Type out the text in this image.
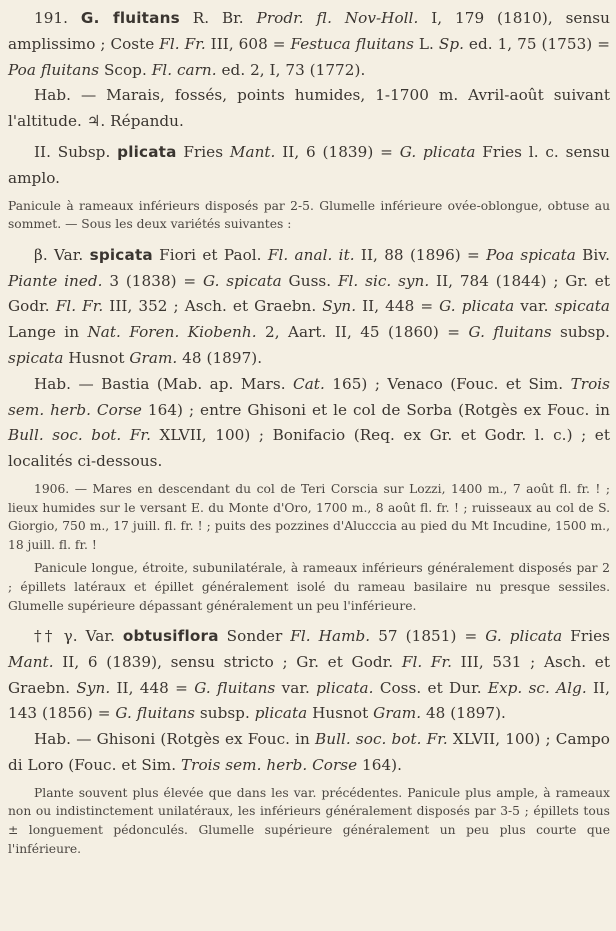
191. G. fluitans R. Br. Prodr. fl. Nov-Holl. I, 179 (1810), sensu amplissimo ; Coste Fl. Fr. III, 608 = Festuca fluitans L. Sp. ed. 1, 75 (1753) = Poa fluitans Scop. Fl. carn. ed. 2, I, 73 (1772).

Hab. — Marais, fossés, points humides, 1-1700 m. Avril-août suivant l'altitude. ♃. Répandu.

II. Subsp. plicata Fries Mant. II, 6 (1839) = G. plicata Fries l. c. sensu amplo.

Panicule à rameaux inférieurs disposés par 2-5. Glumelle inférieure ovée-oblongue, obtuse au sommet. — Sous les deux variétés suivantes :

β. Var. spicata Fiori et Paol. Fl. anal. it. II, 88 (1896) = Poa spicata Biv. Piante ined. 3 (1838) = G. spicata Guss. Fl. sic. syn. II, 784 (1844) ; Gr. et Godr. Fl. Fr. III, 352 ; Asch. et Graebn. Syn. II, 448 = G. plicata var. spicata Lange in Nat. Foren. Kiobenh. 2, Aart. II, 45 (1860) = G. fluitans subsp. spicata Husnot Gram. 48 (1897).

Hab. — Bastia (Mab. ap. Mars. Cat. 165) ; Venaco (Fouc. et Sim. Trois sem. herb. Corse 164) ; entre Ghisoni et le col de Sorba (Rotgès ex Fouc. in Bull. soc. bot. Fr. XLVII, 100) ; Bonifacio (Req. ex Gr. et Godr. l. c.) ; et localités ci-dessous.

1906. — Mares en descendant du col de Teri Corscia sur Lozzi, 1400 m., 7 août fl. fr. ! ; lieux humides sur le versant E. du Monte d'Oro, 1700 m., 8 août fl. fr. ! ; ruisseaux au col de S. Giorgio, 750 m., 17 juill. fl. fr. ! ; puits des pozzines d'Alucccia au pied du Mt Incudine, 1500 m., 18 juill. fl. fr. !

Panicule longue, étroite, subunilatérale, à rameaux inférieurs généralement disposés par 2 ; épillets latéraux et épillet généralement isolé du rameau basilaire nu presque sessiles. Glumelle supérieure dépassant généralement un peu l'inférieure.

†† γ. Var. obtusiflora Sonder Fl. Hamb. 57 (1851) = G. plicata Fries Mant. II, 6 (1839), sensu stricto ; Gr. et Godr. Fl. Fr. III, 531 ; Asch. et Graebn. Syn. II, 448 = G. fluitans var. plicata. Coss. et Dur. Exp. sc. Alg. II, 143 (1856) = G. fluitans subsp. plicata Husnot Gram. 48 (1897).

Hab. — Ghisoni (Rotgès ex Fouc. in Bull. soc. bot. Fr. XLVII, 100) ; Campo di Loro (Fouc. et Sim. Trois sem. herb. Corse 164).

Plante souvent plus élevée que dans les var. précédentes. Panicule plus ample, à rameaux non ou indistinctement unilatéraux, les inférieurs généralement disposés par 3-5 ; épillets tous ± longuement pédonculés. Glumelle supérieure généralement un peu plus courte que l'inférieure.
